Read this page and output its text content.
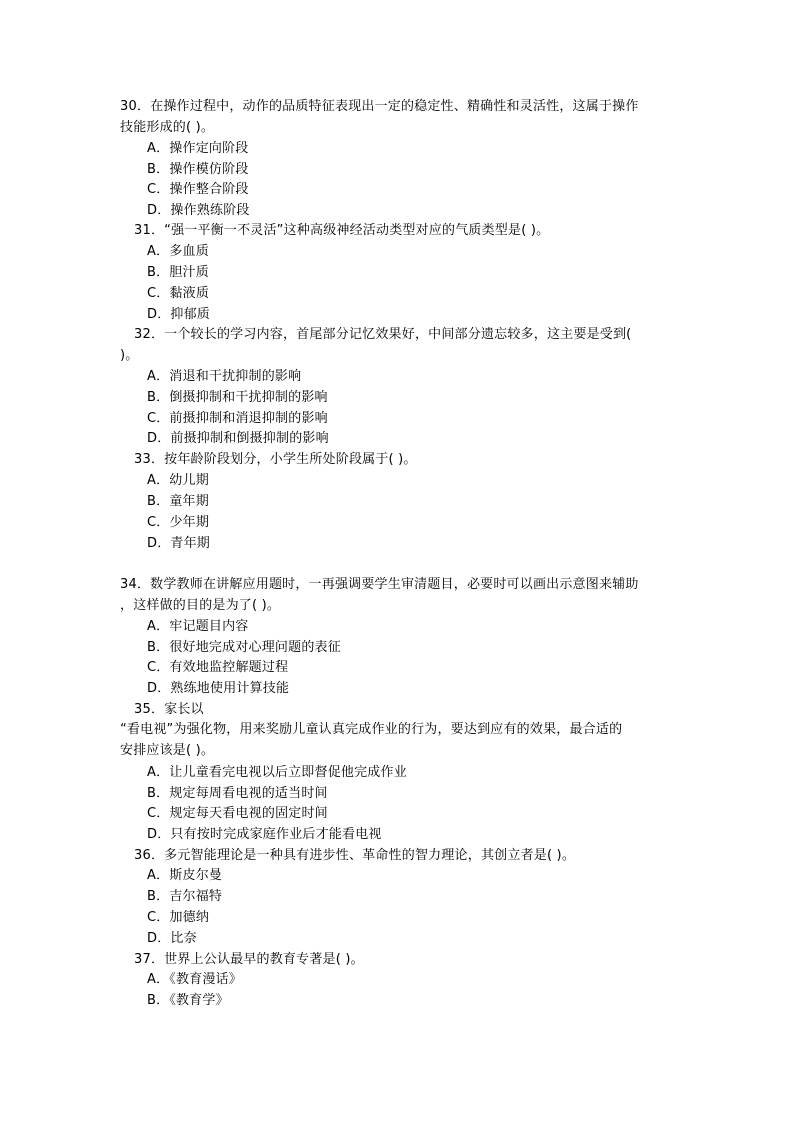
30．在操作过程中，动作的品质特征表现出一定的稳定性、精确性和灵活性，这属于操作
技能形成的( )。
A．操作定向阶段
B．操作模仿阶段
C．操作整合阶段
D．操作熟练阶段
31．“强一平衡一不灵活”这种高级神经活动类型对应的气质类型是( )。
A．多血质
B．胆汁质
C．黏液质
D．抑郁质
32．一个较长的学习内容，首尾部分记忆效果好，中间部分遗忘较多，这主要是受到(
)。
A．消退和干扰抑制的影响
B．倒摄抑制和干扰抑制的影响
C．前摄抑制和消退抑制的影响
D．前摄抑制和倒摄抑制的影响
33．按年龄阶段划分，小学生所处阶段属于( )。
A．幼儿期
B．童年期
C．少年期
D．青年期
34．数学教师在讲解应用题时，一再强调要学生审清题目，必要时可以画出示意图来辅助
，这样做的目的是为了( )。
A．牢记题目内容
B．很好地完成对心理问题的表征
C．有效地监控解题过程
D．熟练地使用计算技能
35．家长以
“看电视”为强化物，用来奖励儿童认真完成作业的行为，要达到应有的效果，最合适的
安排应该是( )。
A．让儿童看完电视以后立即督促他完成作业
B．规定每周看电视的适当时间
C．规定每天看电视的固定时间
D．只有按时完成家庭作业后才能看电视
36．多元智能理论是一种具有进步性、革命性的智力理论，其创立者是( )。
A．斯皮尔曼
B．吉尔福特
C．加德纳
D．比奈
37．世界上公认最早的教育专著是( )。
A．《教育漫话》
B．《教育学》
